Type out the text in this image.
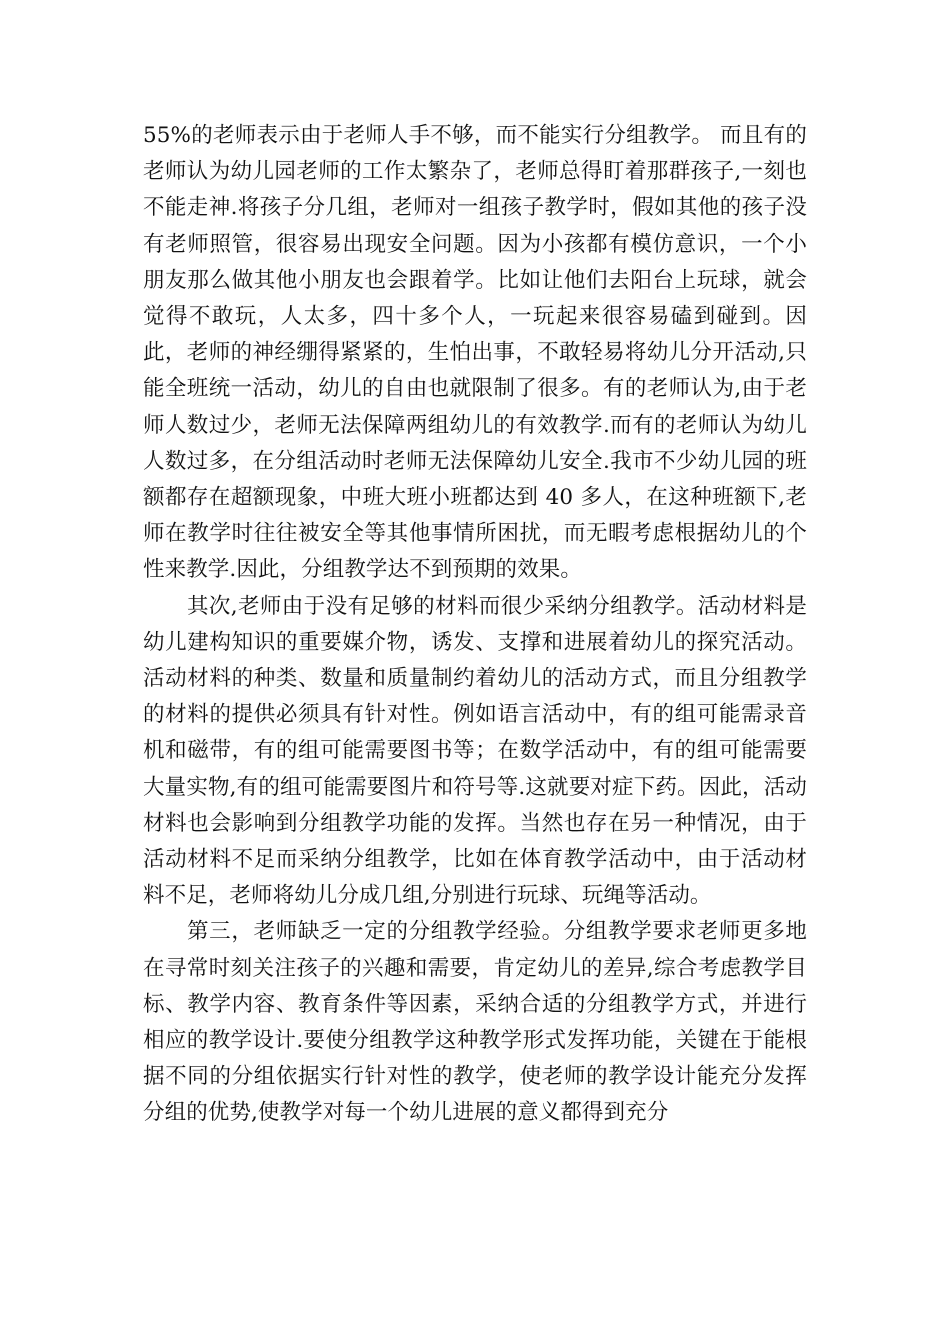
55%的老师表示由于老师人手不够，而不能实行分组教学。 而且有的老师认为幼儿园老师的工作太繁杂了，老师总得盯着那群孩子,一刻也不能走神.将孩子分几组，老师对一组孩子教学时，假如其他的孩子没有老师照管，很容易出现安全问题。因为小孩都有模仿意识，一个小朋友那么做其他小朋友也会跟着学。比如让他们去阳台上玩球，就会觉得不敢玩，人太多，四十多个人，一玩起来很容易磕到碰到。因此，老师的神经绷得紧紧的，生怕出事，不敢轻易将幼儿分开活动,只能全班统一活动，幼儿的自由也就限制了很多。有的老师认为,由于老师人数过少，老师无法保障两组幼儿的有效教学.而有的老师认为幼儿人数过多，在分组活动时老师无法保障幼儿安全.我市不少幼儿园的班额都存在超额现象，中班大班小班都达到 40 多人，在这种班额下,老师在教学时往往被安全等其他事情所困扰，而无暇考虑根据幼儿的个性来教学.因此，分组教学达不到预期的效果。

其次,老师由于没有足够的材料而很少采纳分组教学。活动材料是幼儿建构知识的重要媒介物，诱发、支撑和进展着幼儿的探究活动。活动材料的种类、数量和质量制约着幼儿的活动方式，而且分组教学的材料的提供必须具有针对性。例如语言活动中，有的组可能需录音机和磁带，有的组可能需要图书等；在数学活动中，有的组可能需要大量实物,有的组可能需要图片和符号等.这就要对症下药。因此，活动材料也会影响到分组教学功能的发挥。当然也存在另一种情况，由于活动材料不足而采纳分组教学，比如在体育教学活动中，由于活动材料不足，老师将幼儿分成几组,分别进行玩球、玩绳等活动。

第三，老师缺乏一定的分组教学经验。分组教学要求老师更多地在寻常时刻关注孩子的兴趣和需要，肯定幼儿的差异,综合考虑教学目标、教学内容、教育条件等因素，采纳合适的分组教学方式，并进行相应的教学设计.要使分组教学这种教学形式发挥功能，关键在于能根据不同的分组依据实行针对性的教学，使老师的教学设计能充分发挥分组的优势,使教学对每一个幼儿进展的意义都得到充分
